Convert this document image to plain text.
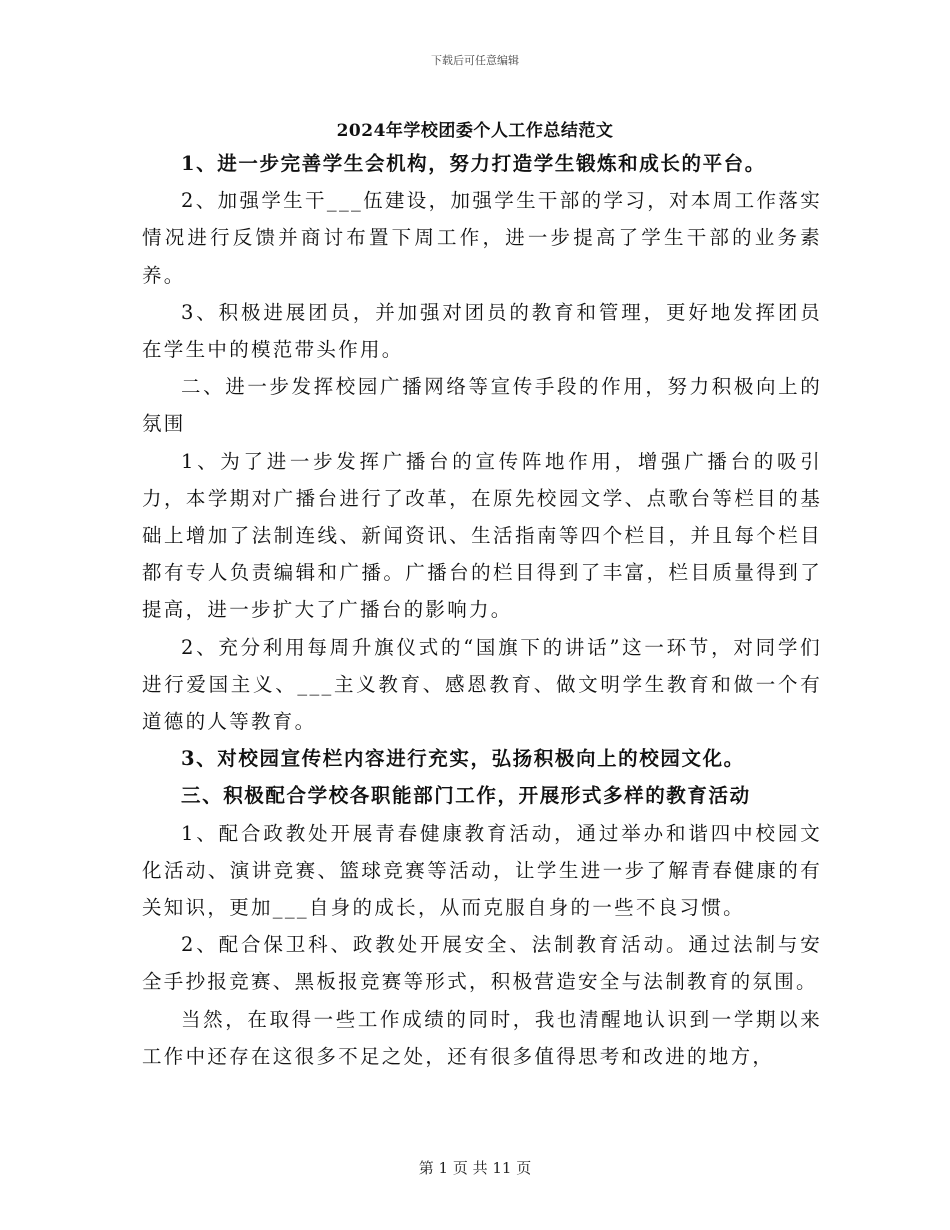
下载后可任意编辑
2024年学校团委个人工作总结范文

1、进一步完善学生会机构，努力打造学生锻炼和成长的平台。

2、加强学生干___伍建设，加强学生干部的学习，对本周工作落实情况进行反馈并商讨布置下周工作，进一步提高了学生干部的业务素养。

3、积极进展团员，并加强对团员的教育和管理，更好地发挥团员在学生中的模范带头作用。

二、进一步发挥校园广播网络等宣传手段的作用，努力积极向上的氛围

1、为了进一步发挥广播台的宣传阵地作用，增强广播台的吸引力，本学期对广播台进行了改革，在原先校园文学、点歌台等栏目的基础上增加了法制连线、新闻资讯、生活指南等四个栏目，并且每个栏目都有专人负责编辑和广播。广播台的栏目得到了丰富，栏目质量得到了提高，进一步扩大了广播台的影响力。

2、充分利用每周升旗仪式的“国旗下的讲话”这一环节，对同学们进行爱国主义、___主义教育、感恩教育、做文明学生教育和做一个有道德的人等教育。

3、对校园宣传栏内容进行充实，弘扬积极向上的校园文化。

三、积极配合学校各职能部门工作，开展形式多样的教育活动

1、配合政教处开展青春健康教育活动，通过举办和谐四中校园文化活动、演讲竞赛、篮球竞赛等活动，让学生进一步了解青春健康的有关知识，更加___自身的成长，从而克服自身的一些不良习惯。

2、配合保卫科、政教处开展安全、法制教育活动。通过法制与安全手抄报竞赛、黑板报竞赛等形式，积极营造安全与法制教育的氛围。

当然，在取得一些工作成绩的同时，我也清醒地认识到一学期以来工作中还存在这很多不足之处，还有很多值得思考和改进的地方，

第 1 页 共 11 页
